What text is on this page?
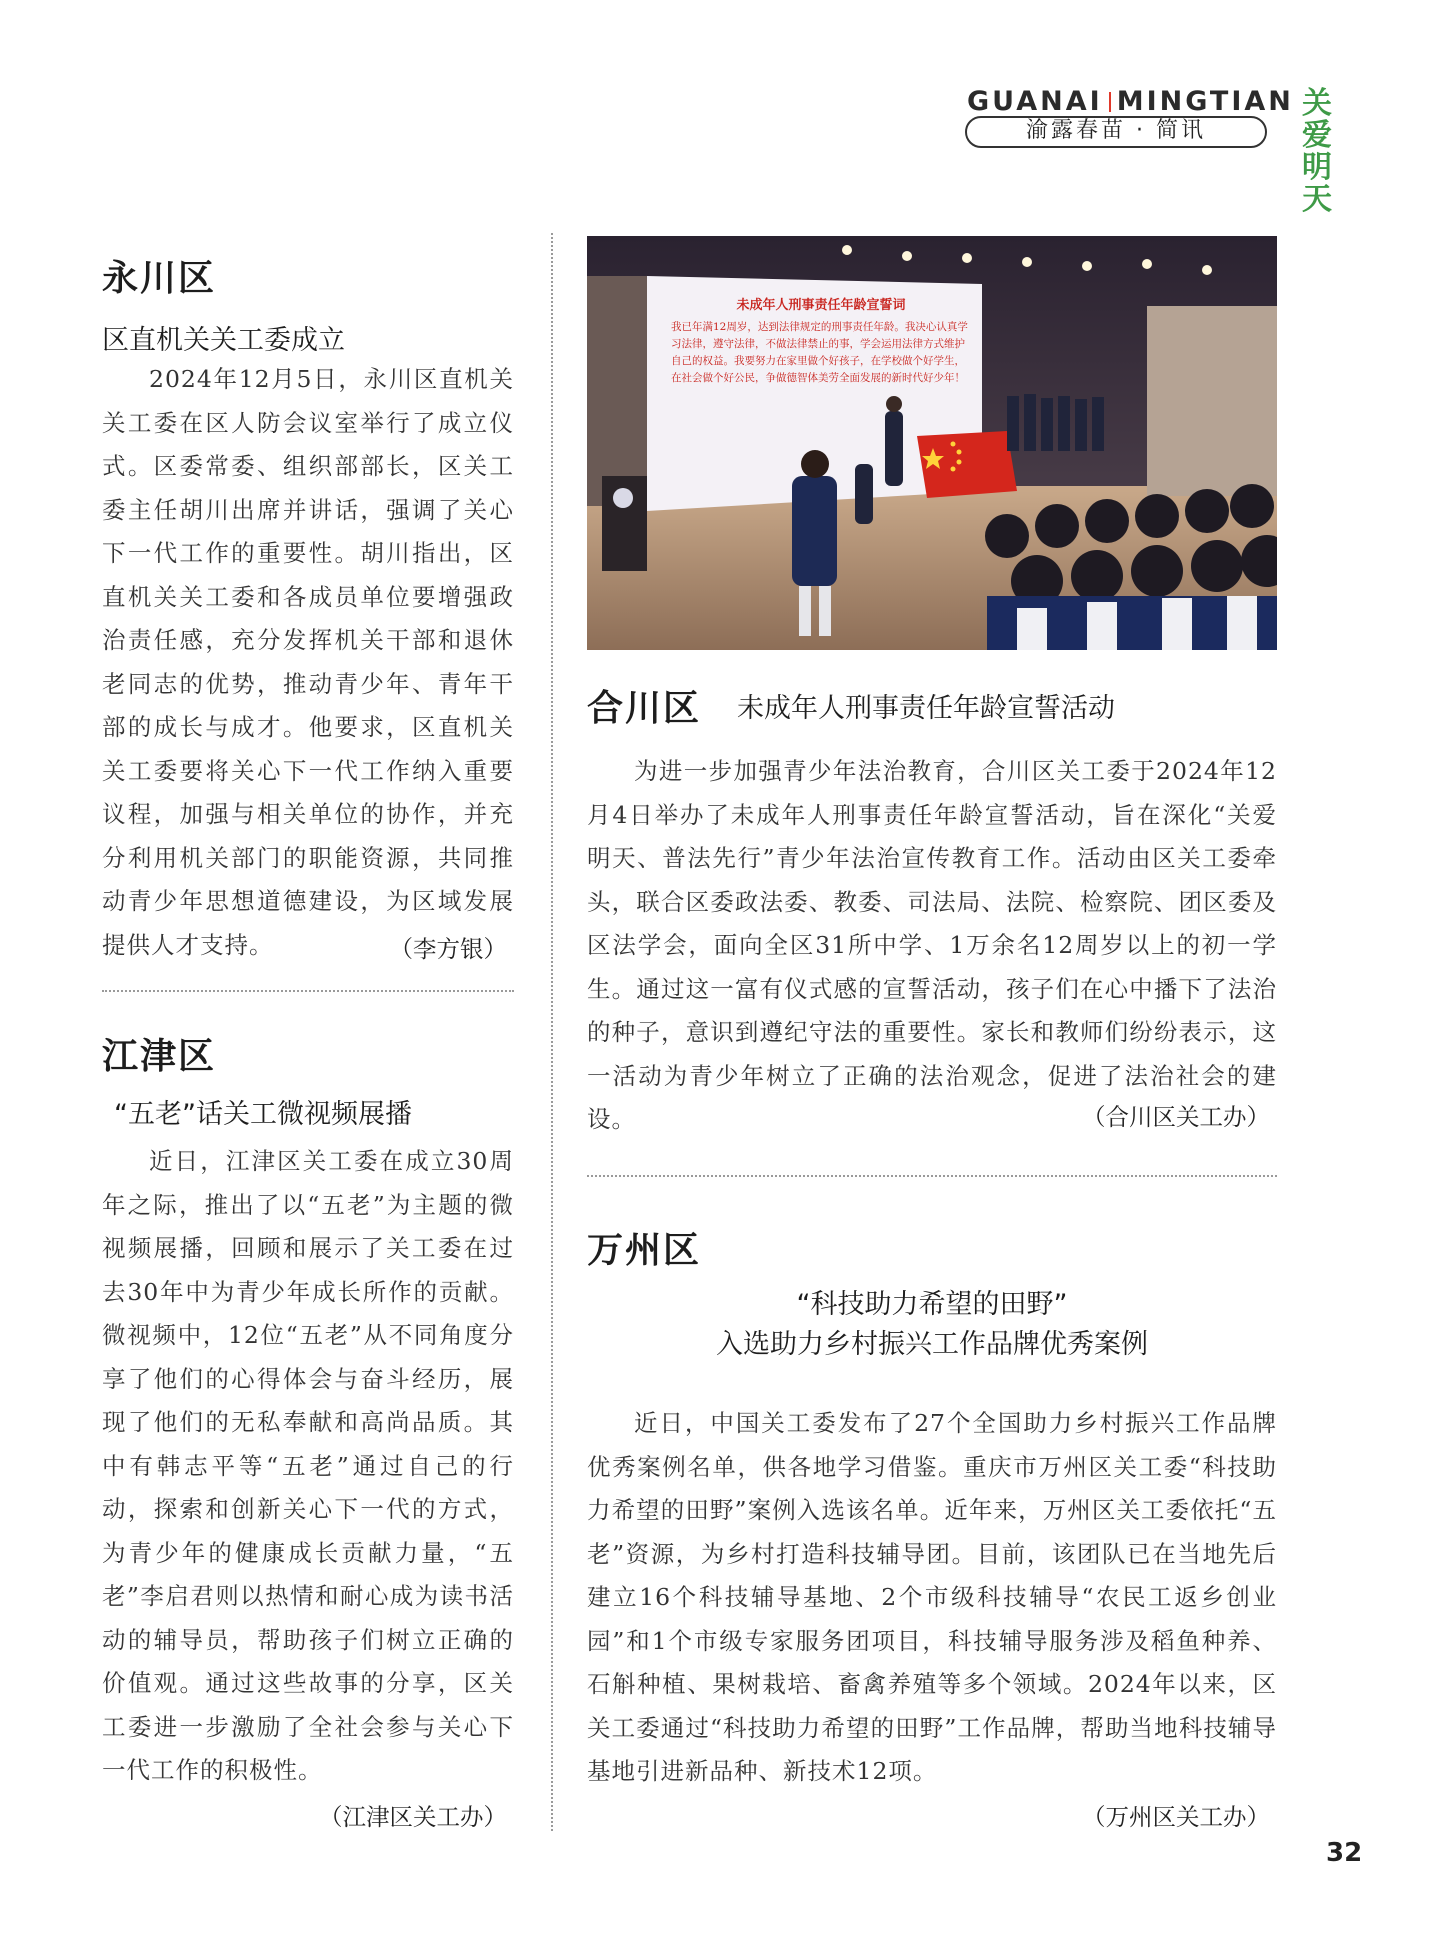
GUANAI MINGTIAN
渝露春苗 · 简讯
关爱
明天
永川区
区直机关关工委成立

2024年12月5日，永川区直机关关工委在区人防会议室举行了成立仪式。区委常委、组织部部长，区关工委主任胡川出席并讲话，强调了关心下一代工作的重要性。胡川指出，区直机关关工委和各成员单位要增强政治责任感，充分发挥机关干部和退休老同志的优势，推动青少年、青年干部的成长与成才。他要求，区直机关关工委要将关心下一代工作纳入重要议程，加强与相关单位的协作，并充分利用机关部门的职能资源，共同推动青少年思想道德建设，为区域发展提供人才支持。	（李方银）
江津区
“五老”话关工微视频展播

近日，江津区关工委在成立30周年之际，推出了以“五老”为主题的微视频展播，回顾和展示了关工委在过去30年中为青少年成长所作的贡献。微视频中，12位“五老”从不同角度分享了他们的心得体会与奋斗经历，展现了他们的无私奉献和高尚品质。其中有韩志平等“五老”通过自己的行动，探索和创新关心下一代的方式，为青少年的健康成长贡献力量，“五老”李启君则以热情和耐心成为读书活动的辅导员，帮助孩子们树立正确的价值观。通过这些故事的分享，区关工委进一步激励了全社会参与关心下一代工作的积极性。

（江津区关工办）
未成年人刑事责任年龄宣誓词
我已年满12周岁，达到法律规定的刑事责任年龄。我决心认真学习法律，遵守法律，不做法律禁止的事，学会运用法律方式维护自己的权益。我要努力在家里做个好孩子，在学校做个好学生，在社会做个好公民，争做德智体美劳全面发展的新时代好少年！
合川区 未成年人刑事责任年龄宣誓活动

为进一步加强青少年法治教育，合川区关工委于2024年12月4日举办了未成年人刑事责任年龄宣誓活动，旨在深化“关爱明天、普法先行”青少年法治宣传教育工作。活动由区关工委牵头，联合区委政法委、教委、司法局、法院、检察院、团区委及区法学会，面向全区31所中学、1万余名12周岁以上的初一学生。通过这一富有仪式感的宣誓活动，孩子们在心中播下了法治的种子，意识到遵纪守法的重要性。家长和教师们纷纷表示，这一活动为青少年树立了正确的法治观念，促进了法治社会的建设。	（合川区关工办）
万州区
“科技助力希望的田野”
入选助力乡村振兴工作品牌优秀案例

近日，中国关工委发布了27个全国助力乡村振兴工作品牌优秀案例名单，供各地学习借鉴。重庆市万州区关工委“科技助力希望的田野”案例入选该名单。近年来，万州区关工委依托“五老”资源，为乡村打造科技辅导团。目前，该团队已在当地先后建立16个科技辅导基地、2个市级科技辅导“农民工返乡创业园”和1个市级专家服务团项目，科技辅导服务涉及稻鱼种养、石斛种植、果树栽培、畜禽养殖等多个领域。2024年以来，区关工委通过“科技助力希望的田野”工作品牌，帮助当地科技辅导基地引进新品种、新技术12项。

（万州区关工办）
32
